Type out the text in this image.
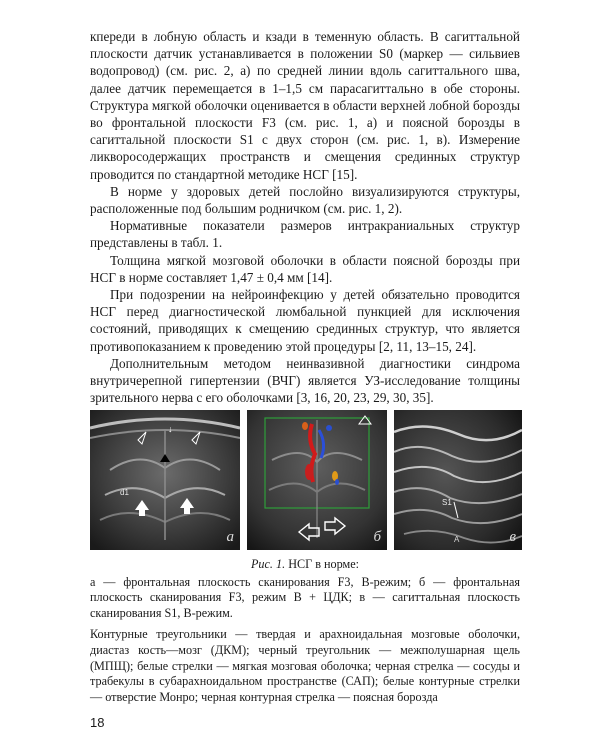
кпереди в лобную область и кзади в теменную область. В сагиттальной плоскости датчик устанавливается в положении S0 (маркер — сильвиев водопровод) (см. рис. 2, а) по средней линии вдоль сагиттального шва, далее датчик перемещается в 1–1,5 см парасагиттально в обе стороны. Структура мягкой оболочки оценивается в области верхней лобной борозды во фронтальной плоскости F3 (см. рис. 1, а) и поясной борозды в сагиттальной плоскости S1 с двух сторон (см. рис. 1, в). Измерение ликворосодержащих пространств и смещения срединных структур проводится по стандартной методике НСГ [15].

В норме у здоровых детей послойно визуализируются структуры, расположенные под большим родничком (см. рис. 1, 2).

Нормативные показатели размеров интракраниальных структур представлены в табл. 1.

Толщина мягкой мозговой оболочки в области поясной борозды при НСГ в норме составляет 1,47 ± 0,4 мм [14].

При подозрении на нейроинфекцию у детей обязательно проводится НСГ перед диагностической люмбальной пункцией для исключения состояний, приводящих к смещению срединных структур, что является противопоказанием к проведению этой процедуры [2, 11, 13–15, 24].

Дополнительным методом неинвазивной диагностики синдрома внутричерепной гипертензии (ВЧГ) является УЗ-исследование толщины зрительного нерва с его оболочками [3, 16, 20, 23, 29, 30, 35].

↓
d1
а	б	A
S1
в

Рис. 1. НСГ в норме:

а — фронтальная плоскость сканирования F3, В-режим; б — фронтальная плоскость сканирования F3, режим В + ЦДК; в — сагиттальная плоскость сканирования S1, В-режим.

Контурные треугольники — твердая и арахноидальная мозговые оболочки, диастаз кость—мозг (ДКМ); черный треугольник — межполушарная щель (МПЩ); белые стрелки — мягкая мозговая оболочка; черная стрелка — сосуды и трабекулы в субарахноидальном пространстве (САП); белые контурные стрелки — отверстие Монро; черная контурная стрелка — поясная борозда

18
